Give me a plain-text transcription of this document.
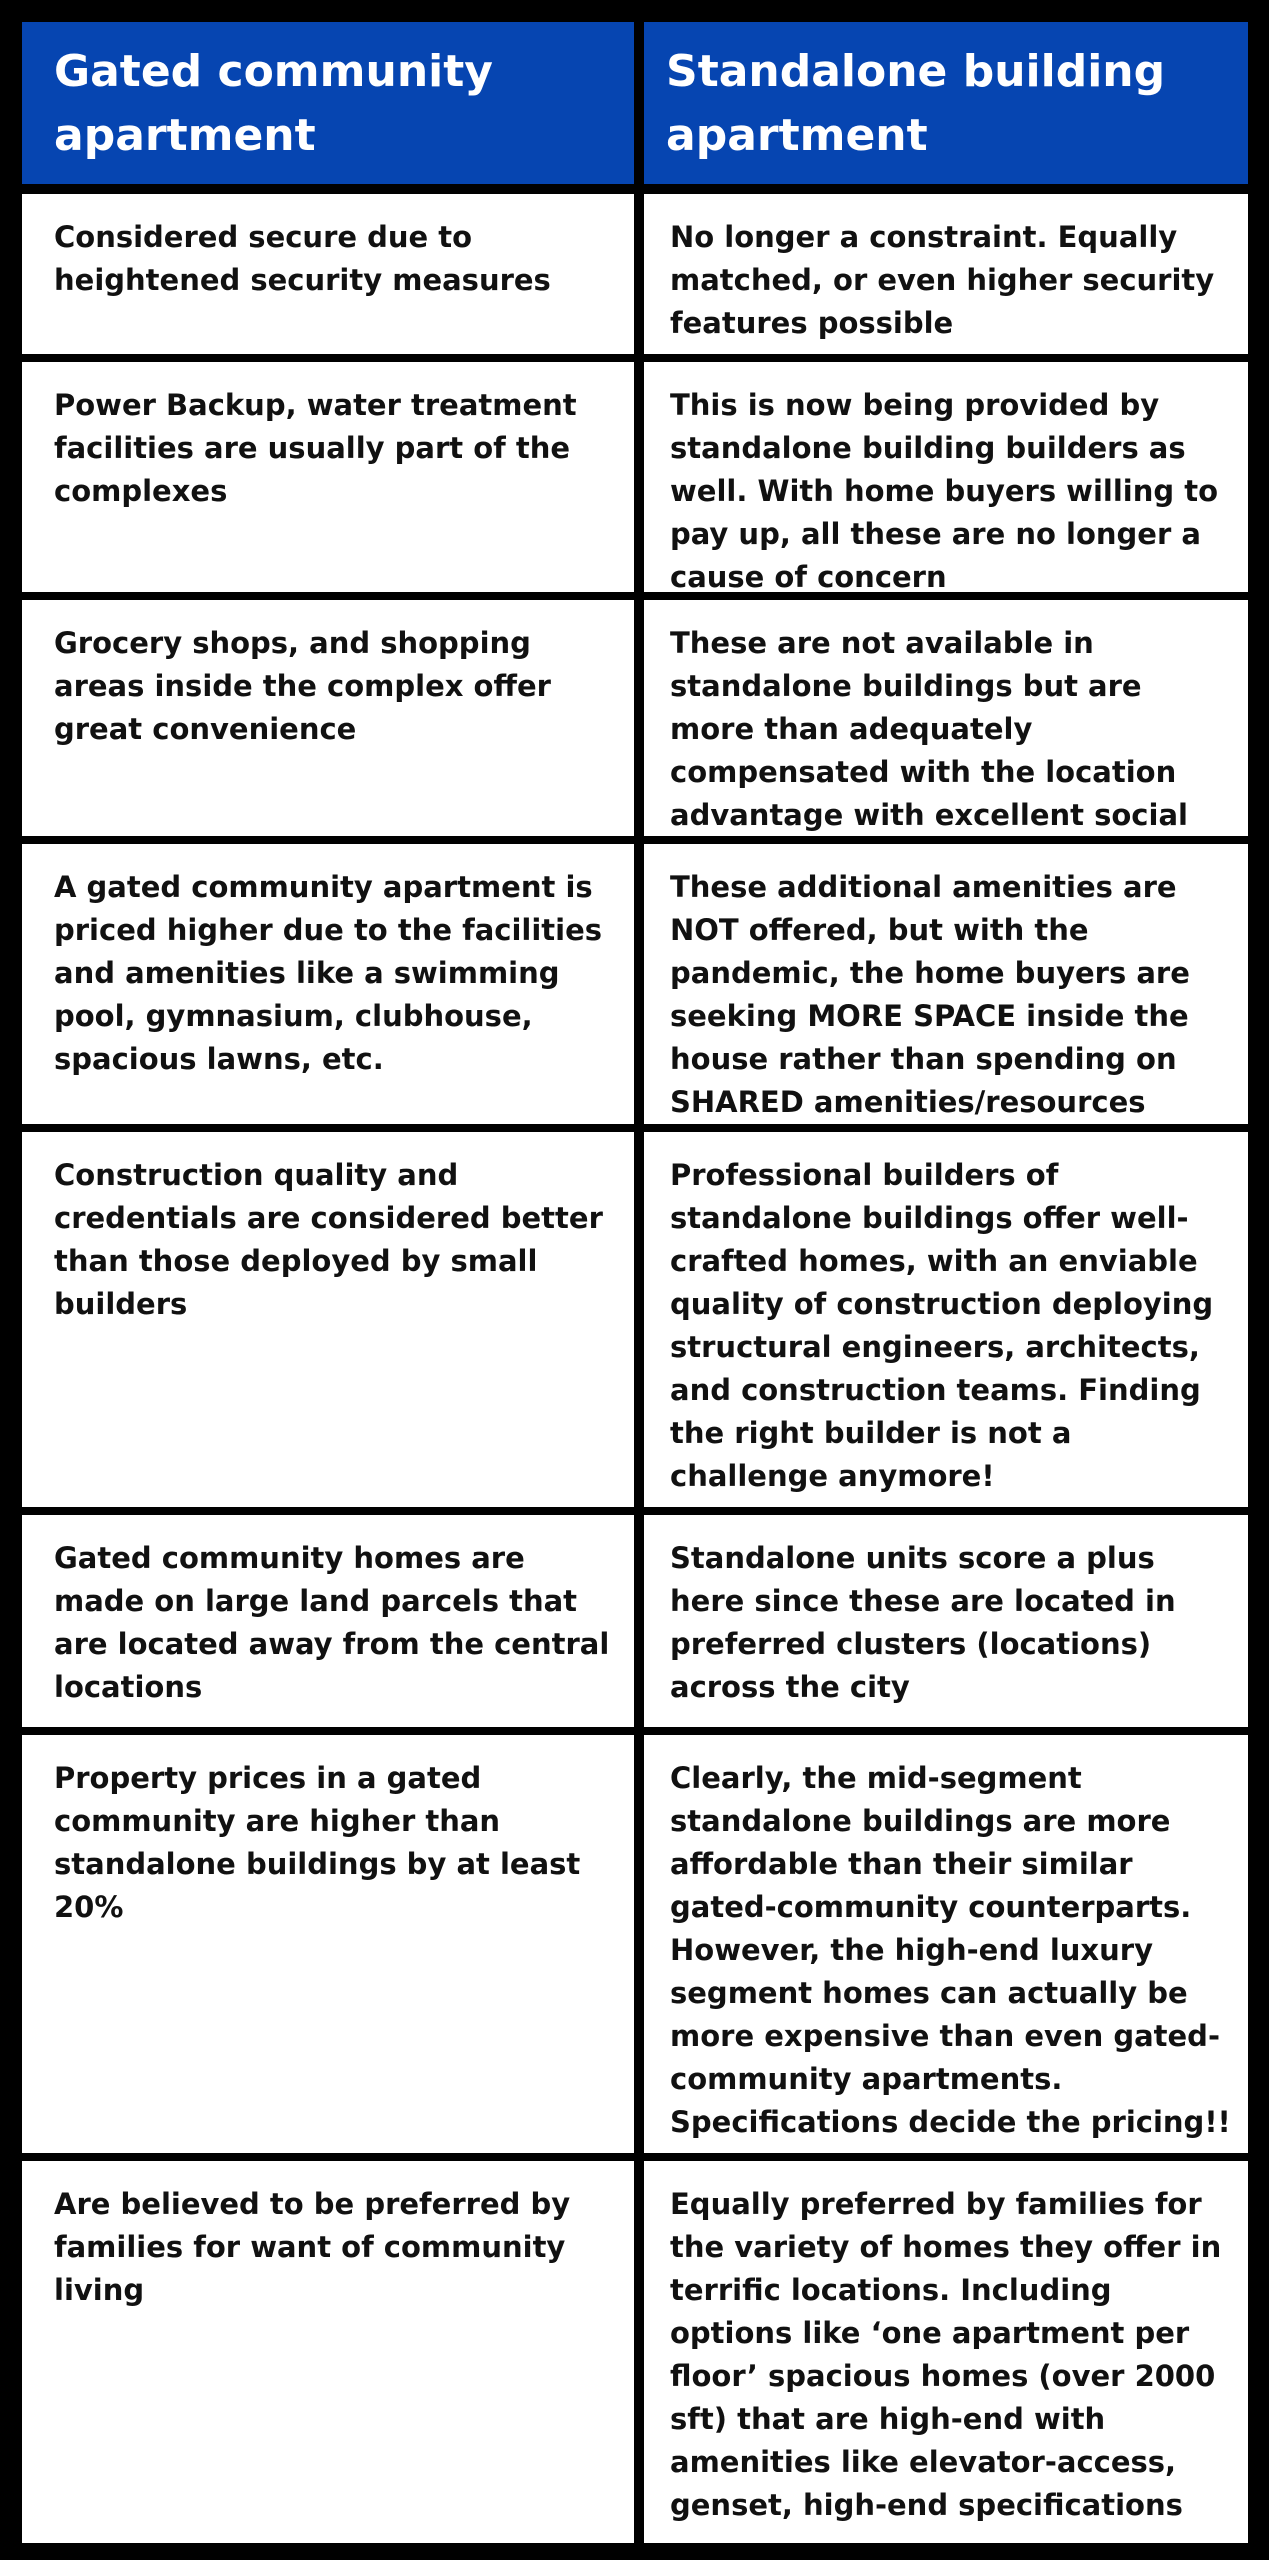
Gated community apartment
Standalone building apartment
Considered secure due to heightened security measures
No longer a constraint. Equally matched, or even higher security features possible
Power Backup, water treatment facilities are usually part of the complexes
This is now being provided by standalone building builders as well. With home buyers willing to pay up, all these are no longer a cause of concern
Grocery shops, and shopping areas inside the complex offer great convenience
These are not available in standalone buildings but are more than adequately compensated with the location advantage with excellent social
A gated community apartment is priced higher due to the facilities and amenities like a swimming pool, gymnasium, clubhouse, spacious lawns, etc.
These additional amenities are NOT offered, but with the pandemic, the home buyers are seeking MORE SPACE inside the house rather than spending on SHARED amenities/resources
Construction quality and credentials are considered better than those deployed by small builders
Professional builders of standalone buildings offer well-crafted homes, with an enviable quality of construction deploying structural engineers, architects, and construction teams. Finding the right builder is not a challenge anymore!
Gated community homes are made on large land parcels that are located away from the central locations
Standalone units score a plus here since these are located in preferred clusters (locations) across the city
Property prices in a gated community are higher than standalone buildings by at least 20%
Clearly, the mid-segment standalone buildings are more affordable than their similar gated-community counterparts. However, the high-end luxury segment homes can actually be more expensive than even gated-community apartments. Specifications decide the pricing!!
Are believed to be preferred by families for want of community living
Equally preferred by families for the variety of homes they offer in terrific locations. Including options like ‘one apartment per floor’ spacious homes (over 2000 sft) that are high-end with amenities like elevator-access, genset, high-end specifications
